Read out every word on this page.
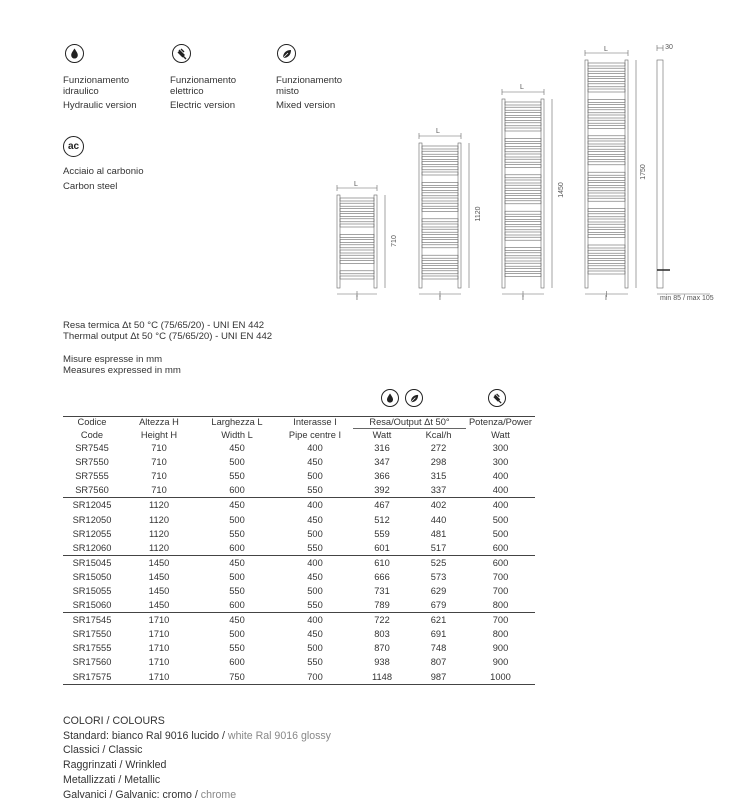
Funzionamento
idraulico
Hydraulic version
Funzionamento
elettrico
Electric version
Funzionamento
misto
Mixed version
ac
Acciaio al carbonio
Carbon steel
710
1120
1450
1750
L
L
L
L	30
I	I	I	I	min 85 / max 105
Resa termica Δt 50 °C (75/65/20) - UNI EN 442
Thermal output Δt 50 °C (75/65/20) - UNI EN 442
Misure espresse in mm
Measures expressed in mm
Codice	Altezza H	Larghezza L	Interasse I	Resa/Output Δt 50°		Potenza/Power
Code	Height H	Width L	Pipe centre I	Watt	Kcal/h	Watt
SR7545	710	450	400	316	272	300
SR7550	710	500	450	347	298	300
SR7555	710	550	500	366	315	400
SR7560	710	600	550	392	337	400
SR12045	1120	450	400	467	402	400
SR12050	1120	500	450	512	440	500
SR12055	1120	550	500	559	481	500
SR12060	1120	600	550	601	517	600
SR15045	1450	450	400	610	525	600
SR15050	1450	500	450	666	573	700
SR15055	1450	550	500	731	629	700
SR15060	1450	600	550	789	679	800
SR17545	1710	450	400	722	621	700
SR17550	1710	500	450	803	691	800
SR17555	1710	550	500	870	748	900
SR17560	1710	600	550	938	807	900
SR17575	1710	750	700	1148	987	1000
COLORI / COLOURS
Standard: bianco Ral 9016 lucido / white Ral 9016 glossy
Classici / Classic
Raggrinzati / Wrinkled
Metallizzati / Metallic
Galvanici / Galvanic: cromo / chrome
